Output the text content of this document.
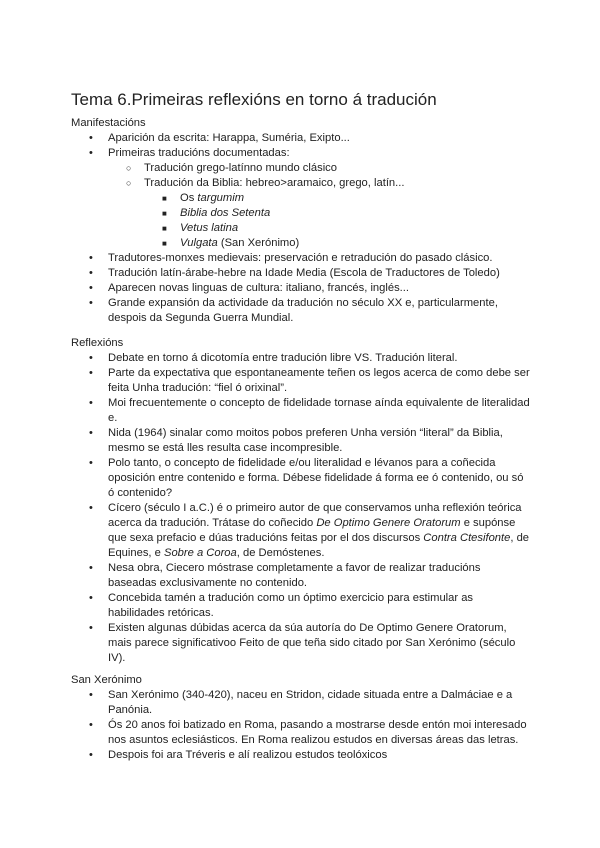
Tema 6.Primeiras reflexións en torno á tradución

Manifestacións

• Aparición da escrita: Harappa, Suméria, Exipto...
• Primeiras traducións documentadas:
○ Tradución grego-latínno mundo clásico
○ Tradución da Biblia: hebreo>aramaico, grego, latín...
■ Os targumim
■ Biblia dos Setenta
■ Vetus latina
■ Vulgata (San Xerónimo)
• Tradutores-monxes medievais: preservación e retradución do pasado clásico.
• Tradución latín-árabe-hebre na Idade Media (Escola de Traductores de Toledo)
• Aparecen novas linguas de cultura: italiano, francés, inglés...
• Grande expansión da actividade da tradución no século XX e, particularmente, despois da Segunda Guerra Mundial.

Reflexións

• Debate en torno á dicotomía entre tradución libre VS. Tradución literal.
• Parte da expectativa que espontaneamente teñen os legos acerca de como debe ser feita Unha tradución: “fiel ó orixinal”.
• Moi frecuentemente o concepto de fidelidade tornase aínda equivalente de literalidad e.
• Nida (1964) sinalar como moitos pobos preferen Unha versión “literal” da Biblia, mesmo se está lles resulta case incompresible.
• Polo tanto, o concepto de fidelidade e/ou literalidad e lévanos para a coñecida oposición entre contenido e forma. Débese fidelidade á forma ee ó contenido, ou só ó contenido?
• Cícero (século I a.C.) é o primeiro autor de que conservamos unha reflexión teórica acerca da tradución. Trátase do coñecido De Optimo Genere Oratorum e supónse que sexa prefacio e dúas traducións feitas por el dos discursos Contra Ctesifonte, de Equines, e Sobre a Coroa, de Demóstenes.
• Nesa obra, Ciecero móstrase completamente a favor de realizar traducións baseadas exclusivamente no contenido.
• Concebida tamén a tradución como un óptimo exercicio para estimular as habilidades retóricas.
• Existen algunas dúbidas acerca da súa autoría do De Optimo Genere Oratorum, mais parece significativoo Feito de que teña sido citado por San Xerónimo (século IV).

San Xerónimo

• San Xerónimo (340-420), naceu en Stridon, cidade situada entre a Dalmáciae e a Panónia.
• Ós 20 anos foi batizado en Roma, pasando a mostrarse desde entón moi interesado nos asuntos eclesiásticos. En Roma realizou estudos en diversas áreas das letras.
• Despois foi ara Tréveris e alí realizou estudos teolóxicos
